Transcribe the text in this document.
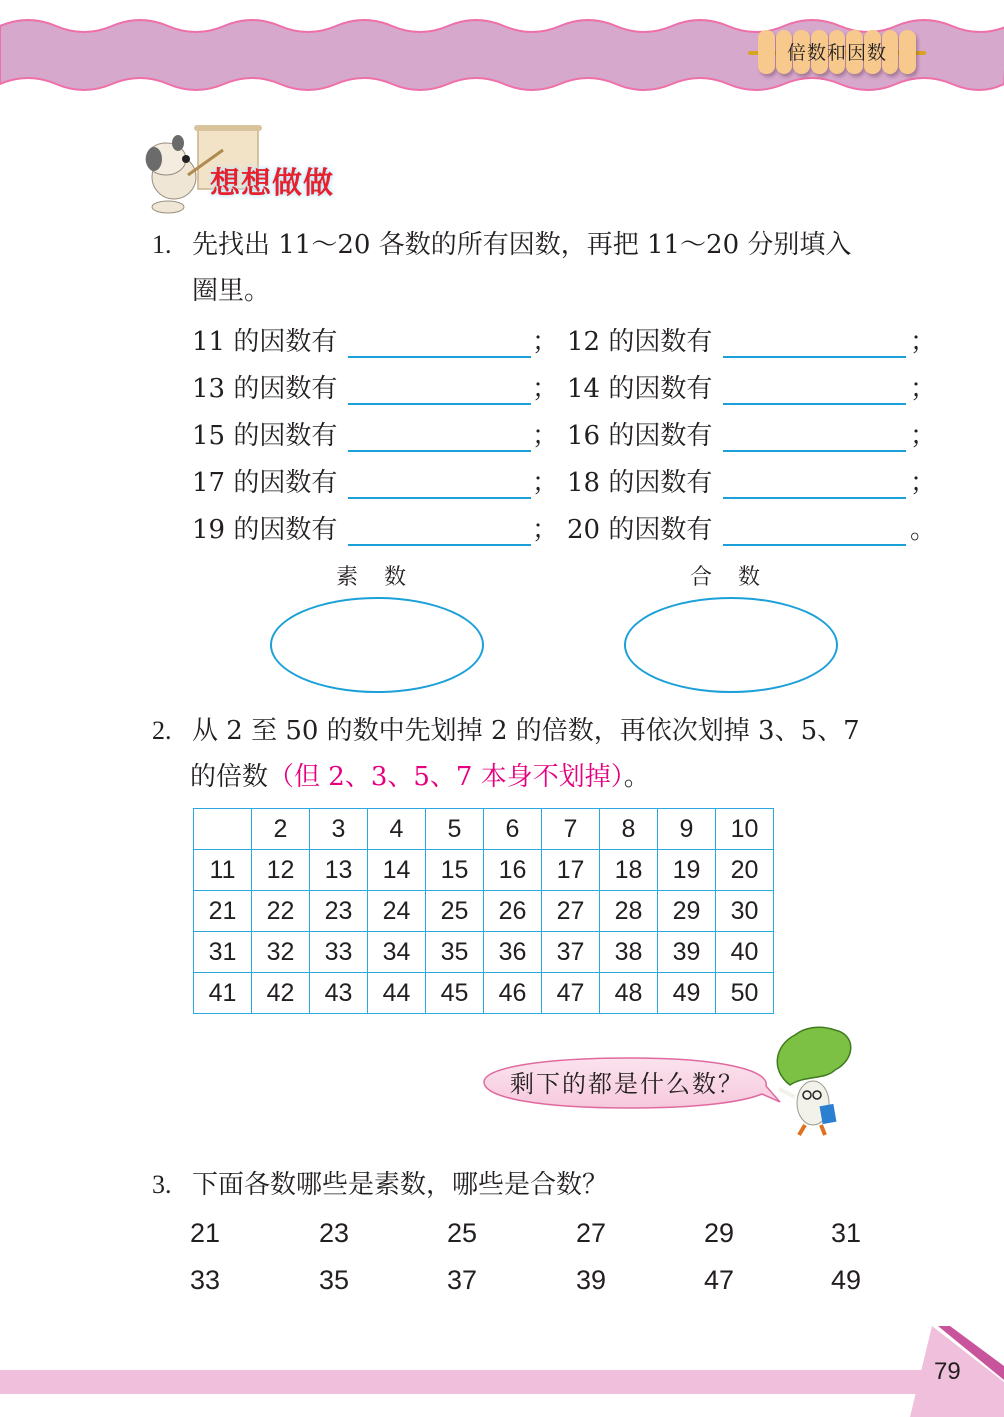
倍数和因数
想想做做
1. 先找出 11～20 各数的所有因数，再把 11～20 分别填入
圈里。
11 的因数有	； 12 的因数有	；
13 的因数有	； 14 的因数有	；
15 的因数有	； 16 的因数有	；
17 的因数有	； 18 的因数有	；
19 的因数有	； 20 的因数有	。
素数	合数
2. 从 2 至 50 的数中先划掉 2 的倍数，再依次划掉 3、5、7
的倍数（但 2、3、5、7 本身不划掉）。
	2	3	4	5	6	7	8	9	10
11	12	13	14	15	16	17	18	19	20
21	22	23	24	25	26	27	28	29	30
31	32	33	34	35	36	37	38	39	40
41	42	43	44	45	46	47	48	49	50
剩下的都是什么数？
3. 下面各数哪些是素数，哪些是合数？
21	23	25	27	29	31
33	35	37	39	47	49
79
